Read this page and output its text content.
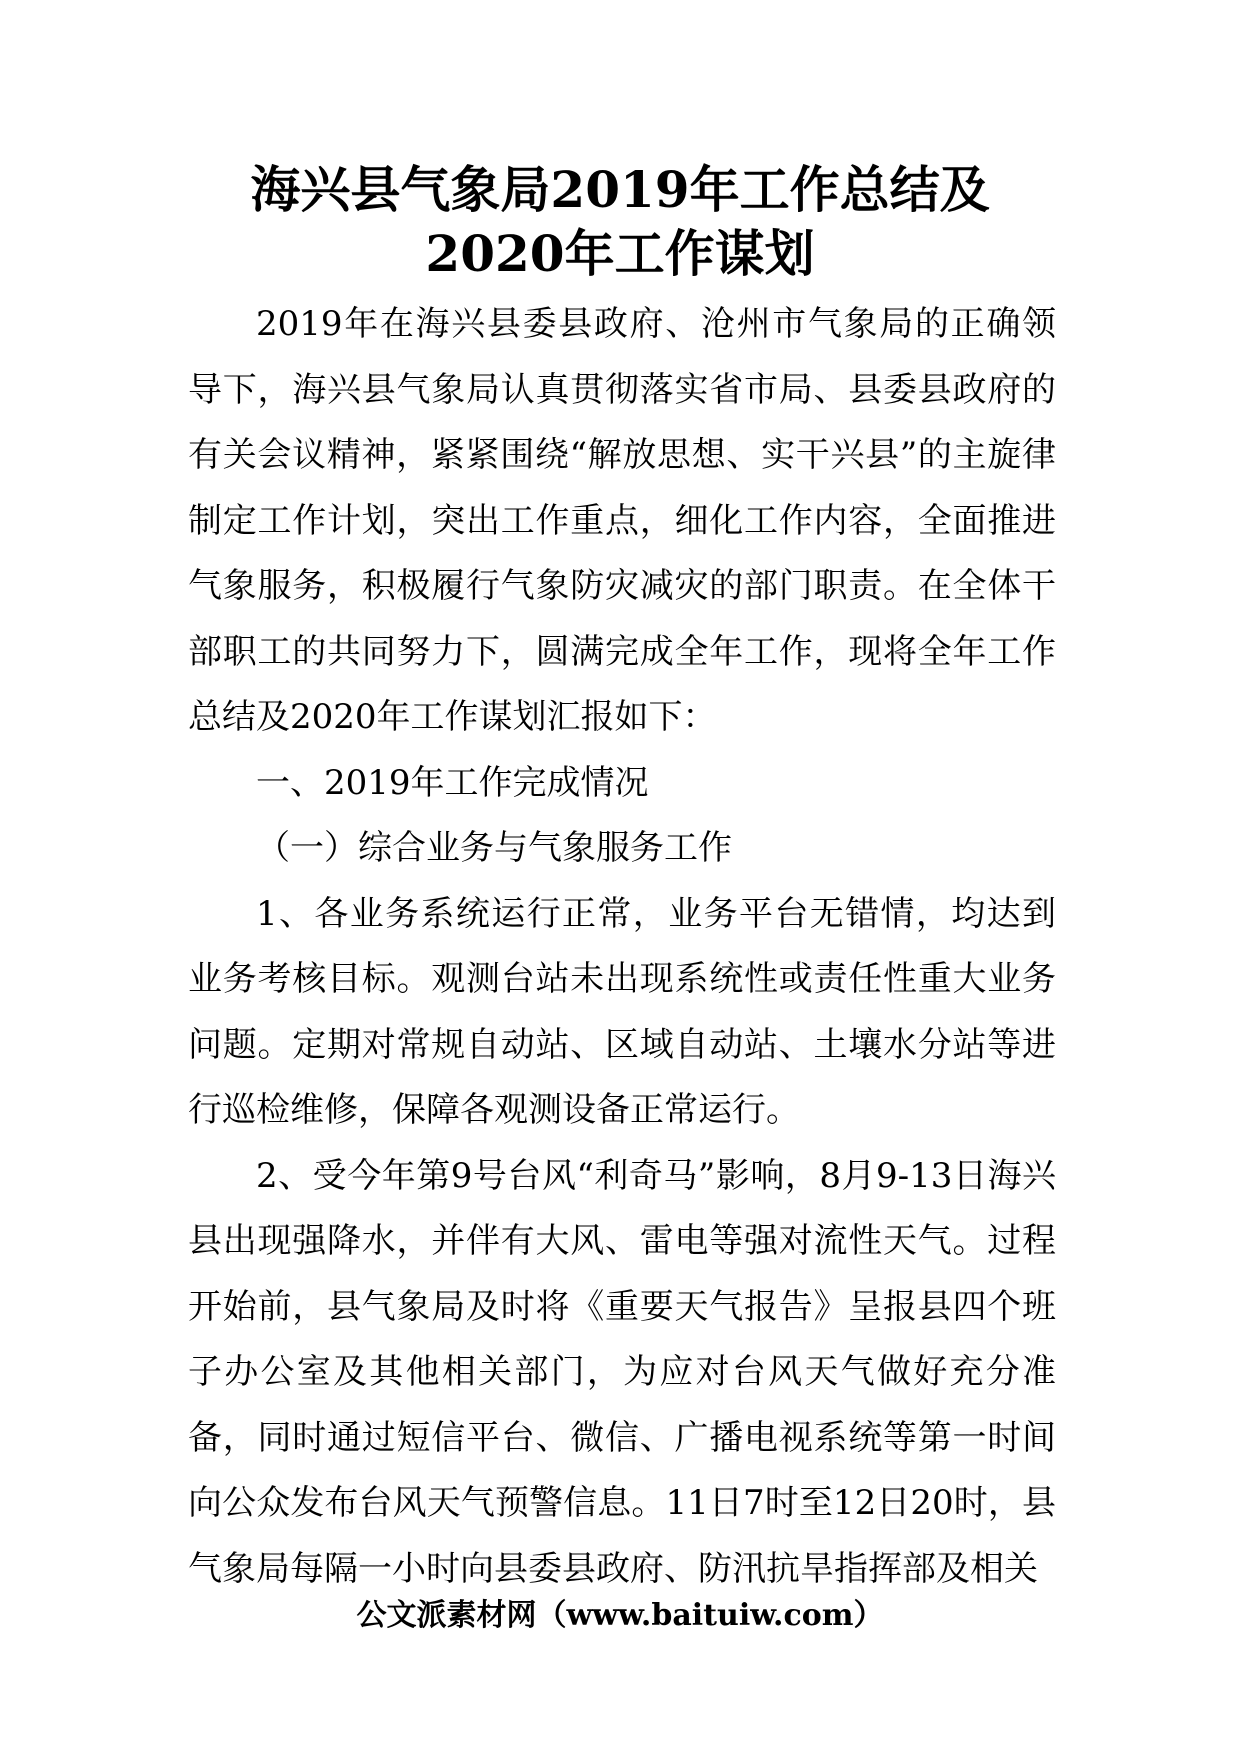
海兴县气象局2019年工作总结及2020年工作谋划

2019年在海兴县委县政府、沧州市气象局的正确领导下，海兴县气象局认真贯彻落实省市局、县委县政府的有关会议精神，紧紧围绕“解放思想、实干兴县”的主旋律制定工作计划，突出工作重点，细化工作内容，全面推进气象服务，积极履行气象防灾减灾的部门职责。在全体干部职工的共同努力下，圆满完成全年工作，现将全年工作总结及2020年工作谋划汇报如下：

一、2019年工作完成情况

（一）综合业务与气象服务工作

1、各业务系统运行正常，业务平台无错情，均达到业务考核目标。观测台站未出现系统性或责任性重大业务问题。定期对常规自动站、区域自动站、土壤水分站等进行巡检维修，保障各观测设备正常运行。

2、受今年第9号台风“利奇马”影响，8月9-13日海兴县出现强降水，并伴有大风、雷电等强对流性天气。过程开始前，县气象局及时将《重要天气报告》呈报县四个班子办公室及其他相关部门，为应对台风天气做好充分准备，同时通过短信平台、微信、广播电视系统等第一时间向公众发布台风天气预警信息。11日7时至12日20时，县气象局每隔一小时向县委县政府、防汛抗旱指挥部及相关

公文派素材网（www.baituiw.com）
